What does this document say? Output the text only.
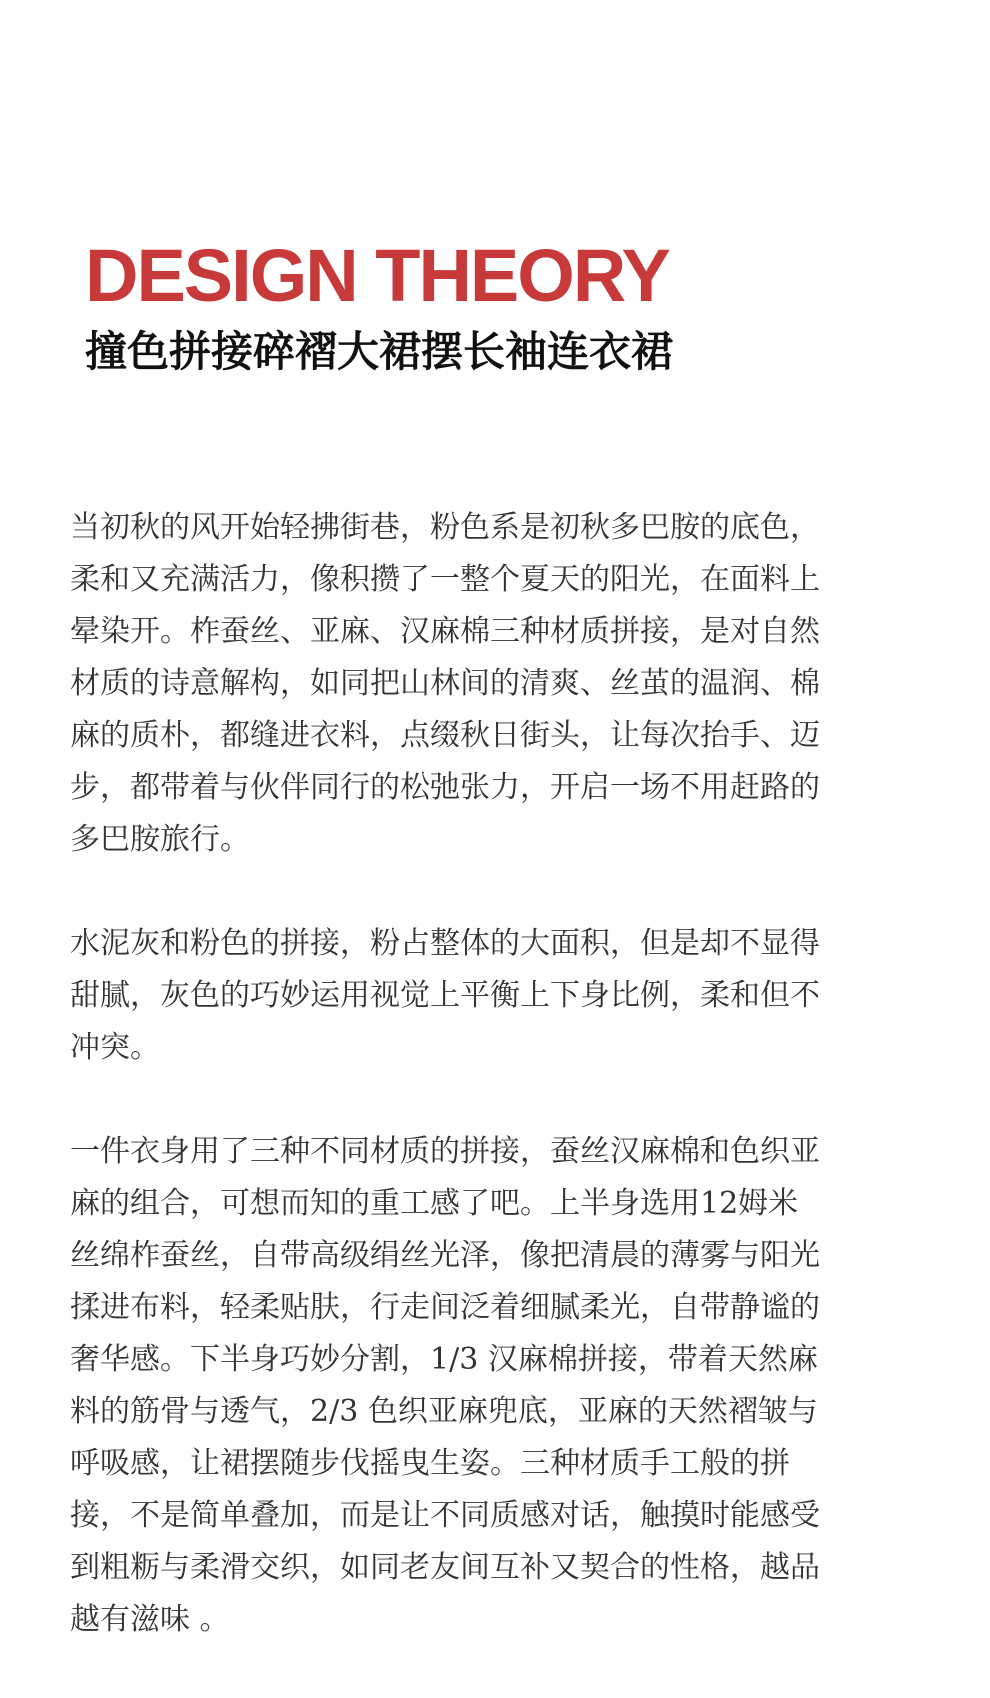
DESIGN THEORY
撞色拼接碎褶大裙摆长袖连衣裙

当初秋的风开始轻拂街巷，粉色系是初秋多巴胺的底色，
柔和又充满活力，像积攒了一整个夏天的阳光，在面料上
晕染开。柞蚕丝、亚麻、汉麻棉三种材质拼接，是对自然
材质的诗意解构，如同把山林间的清爽、丝茧的温润、棉
麻的质朴，都缝进衣料，点缀秋日街头，让每次抬手、迈
步，都带着与伙伴同行的松弛张力，开启一场不用赶路的
多巴胺旅行。

水泥灰和粉色的拼接，粉占整体的大面积，但是却不显得
甜腻，灰色的巧妙运用视觉上平衡上下身比例，柔和但不
冲突。

一件衣身用了三种不同材质的拼接，蚕丝汉麻棉和色织亚
麻的组合，可想而知的重工感了吧。上半身选用12姆米
丝绵柞蚕丝，自带高级绢丝光泽，像把清晨的薄雾与阳光
揉进布料，轻柔贴肤，行走间泛着细腻柔光，自带静谧的
奢华感。下半身巧妙分割，1/3 汉麻棉拼接，带着天然麻
料的筋骨与透气，2/3 色织亚麻兜底，亚麻的天然褶皱与
呼吸感，让裙摆随步伐摇曳生姿。三种材质手工般的拼
接，不是简单叠加，而是让不同质感对话，触摸时能感受
到粗粝与柔滑交织，如同老友间互补又契合的性格，越品
越有滋味 。
